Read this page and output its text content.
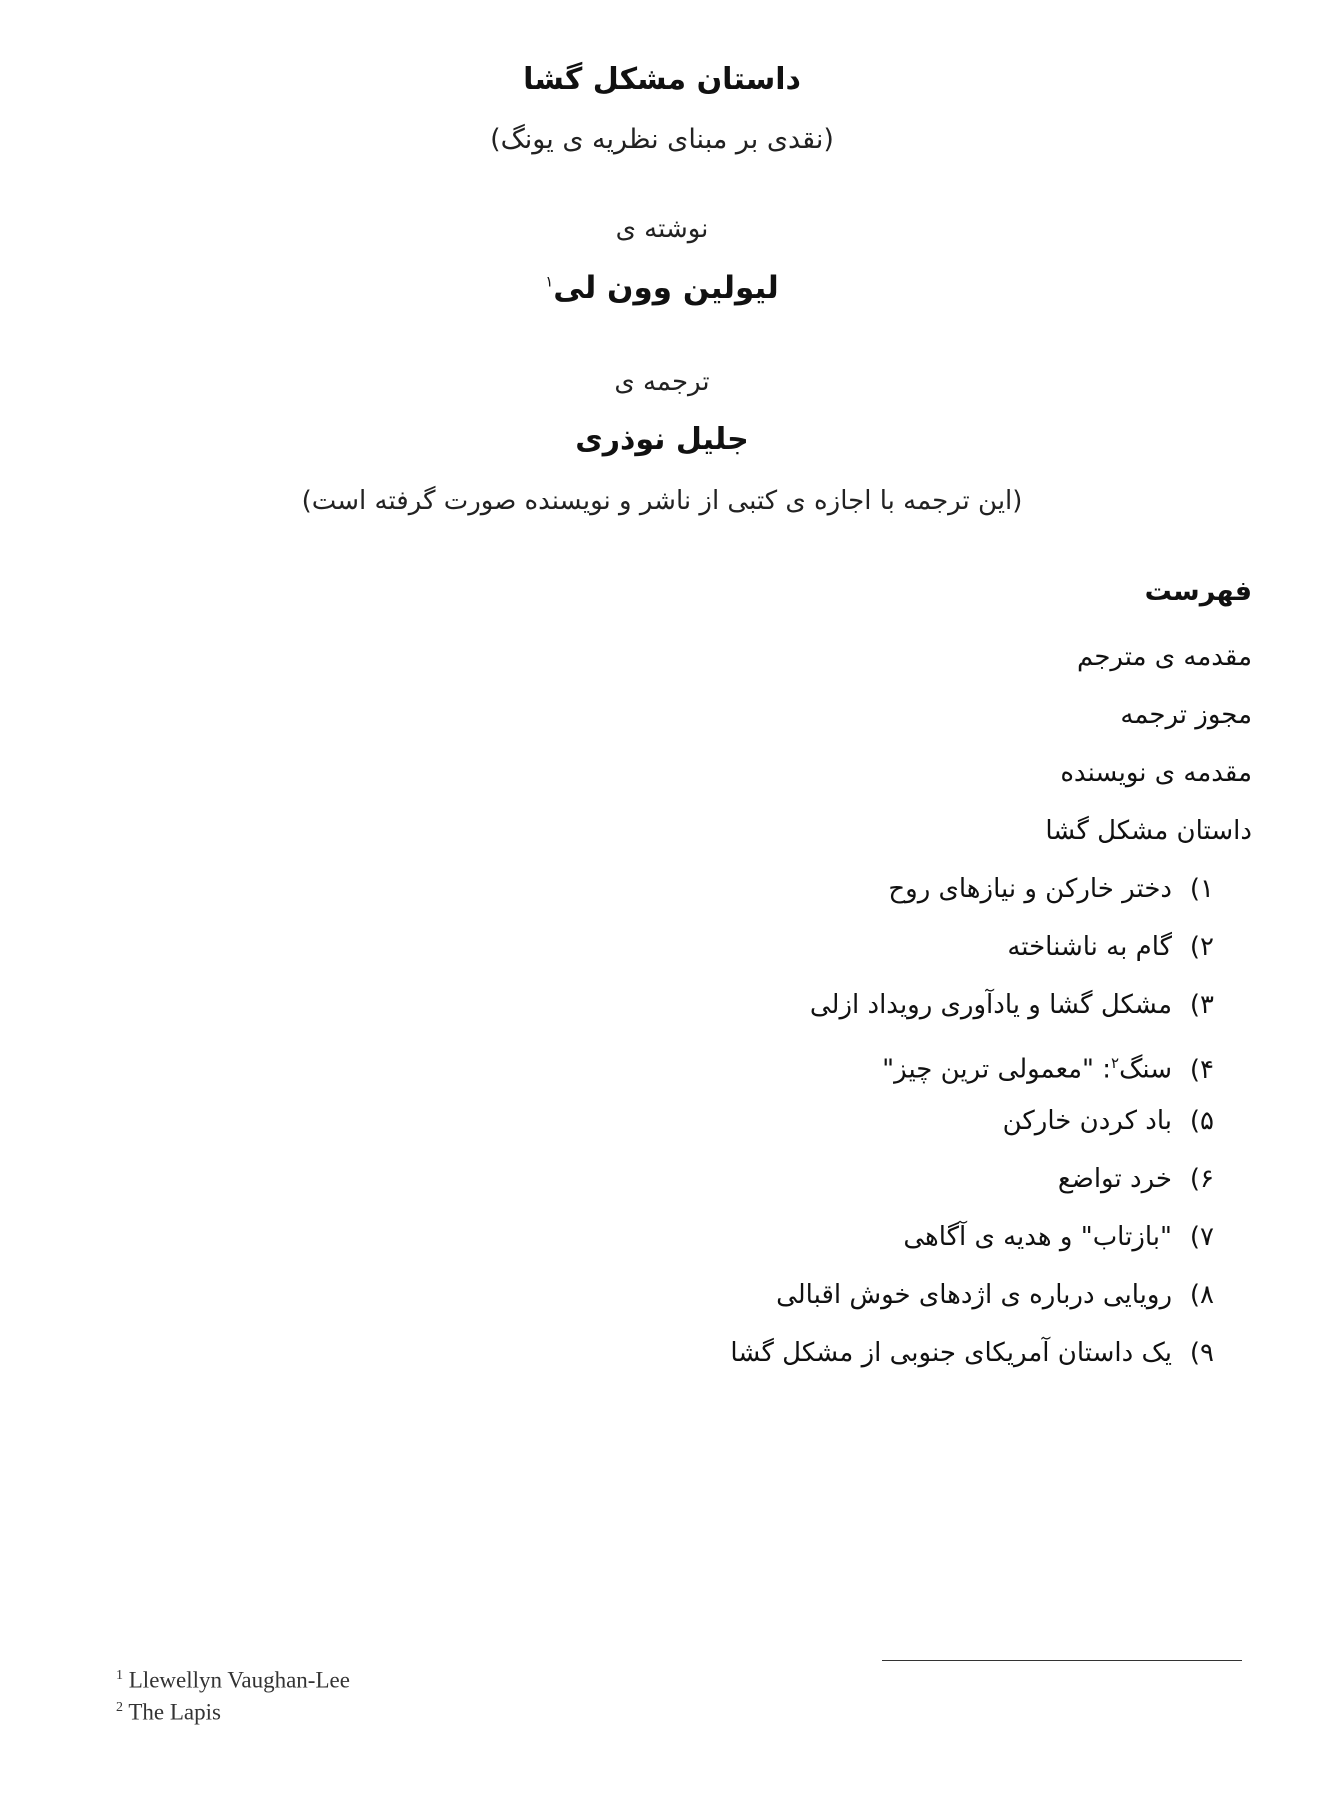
داستان مشکل گشا
(نقدی بر مبنای نظریه ی یونگ)
نوشته ی
لیولین وون لی$^۱$
ترجمه ی
جلیل نوذری
(این ترجمه با اجازه ی کتبی از ناشر و نویسنده صورت گرفته است)
فهرست
مقدمه ی مترجم
مجوز ترجمه
مقدمه ی نویسنده
داستان مشکل گشا
۱)دختر خارکن و نیازهای روح
۲)گام به ناشناخته
۳)مشکل گشا و یادآوری رویداد ازلی
۴)سنگ$^۲$: "معمولی ترین چیز"
۵)باد کردن خارکن
۶)خرد تواضع
۷)"بازتاب" و هدیه ی آگاهی
۸)رویایی درباره ی اژدهای خوش اقبالی
۹)یک داستان آمریکای جنوبی از مشکل گشا
$^1$ Llewellyn Vaughan-Lee
$^2$ The Lapis
